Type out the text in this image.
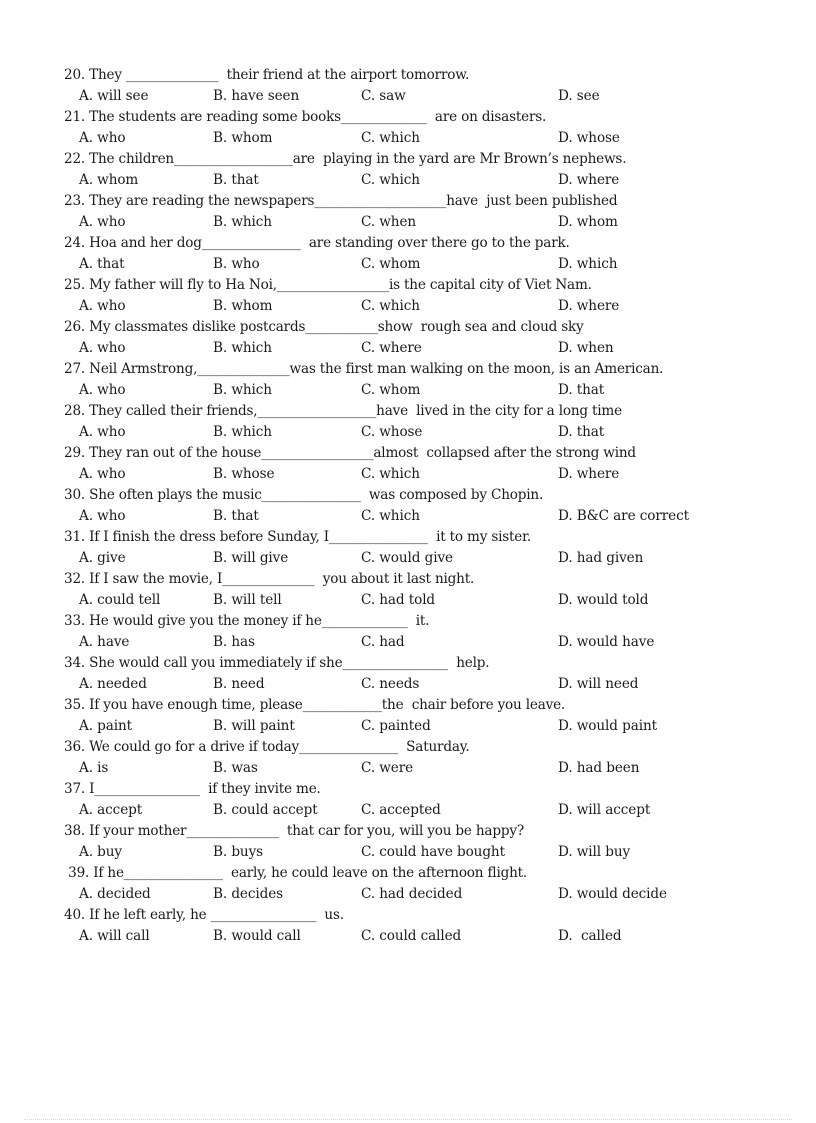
20. They ______________  their friend at the airport tomorrow.
A. will see	B. have seen	C. saw	D. see
21. The students are reading some books_____________  are on disasters.
A. who	B. whom	C. which	D. whose
22. The children__________________are  playing in the yard are Mr Brown’s nephews.
A. whom	B. that	C. which	D. where
23. They are reading the newspapers____________________have  just been published
A. who	B. which	C. when	D. whom
24. Hoa and her dog_______________  are standing over there go to the park.
A. that	B. who	C. whom	D. which
25. My father will fly to Ha Noi,_________________is the capital city of Viet Nam.
A. who	B. whom	C. which	D. where
26. My classmates dislike postcards___________show  rough sea and cloud sky
A. who	B. which	C. where	D. when
27. Neil Armstrong,______________was the first man walking on the moon, is an American.
A. who	B. which	C. whom	D. that
28. They called their friends,__________________have  lived in the city for a long time
A. who	B. which	C. whose	D. that
29. They ran out of the house_________________almost  collapsed after the strong wind
A. who	B. whose	C. which	D. where
30. She often plays the music_______________  was composed by Chopin.
A. who	B. that	C. which	D. B&C are correct
31. If I finish the dress before Sunday, I_______________  it to my sister.
A. give	B. will give	C. would give	D. had given
32. If I saw the movie, I______________  you about it last night.
A. could tell	B. will tell	C. had told	D. would told
33. He would give you the money if he_____________  it.
A. have	B. has	C. had	D. would have
34. She would call you immediately if she________________  help.
A. needed	B. need	C. needs	D. will need
35. If you have enough time, please____________the  chair before you leave.
A. paint	B. will paint	C. painted	D. would paint
36. We could go for a drive if today_______________  Saturday.
A. is	B. was	C. were	D. had been
37. I________________  if they invite me.
A. accept	B. could accept	C. accepted	D. will accept
38. If your mother______________  that car for you, will you be happy?
A. buy	B. buys	C. could have bought	D. will buy
39. If he_______________  early, he could leave on the afternoon flight.
A. decided	B. decides	C. had decided	D. would decide
40. If he left early, he ________________  us.
A. will call	B. would call	C. could called	D.  called
